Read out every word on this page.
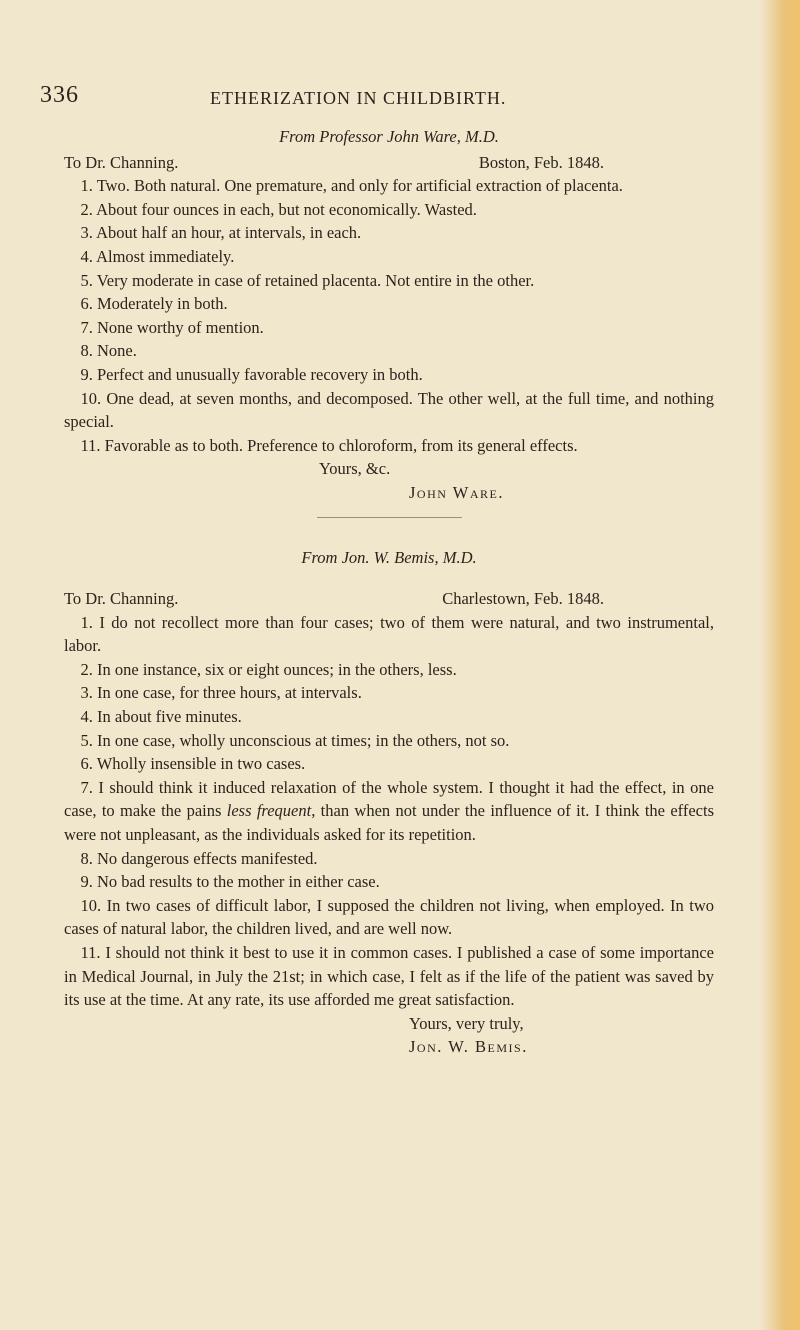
336	ETHERIZATION IN CHILDBIRTH.

From Professor John Ware, M.D.

To Dr. Channing.	Boston, Feb. 1848.

1. Two. Both natural. One premature, and only for artificial extraction of placenta.

2. About four ounces in each, but not economically. Wasted.

3. About half an hour, at intervals, in each.

4. Almost immediately.

5. Very moderate in case of retained placenta. Not entire in the other.

6. Moderately in both.

7. None worthy of mention.

8. None.

9. Perfect and unusually favorable recovery in both.

10. One dead, at seven months, and decomposed. The other well, at the full time, and nothing special.

11. Favorable as to both. Preference to chloroform, from its general effects.

Yours, &c.
John Ware.

From Jon. W. Bemis, M.D.

To Dr. Channing.	Charlestown, Feb. 1848.

1. I do not recollect more than four cases; two of them were natural, and two instrumental, labor.

2. In one instance, six or eight ounces; in the others, less.

3. In one case, for three hours, at intervals.

4. In about five minutes.

5. In one case, wholly unconscious at times; in the others, not so.

6. Wholly insensible in two cases.

7. I should think it induced relaxation of the whole system. I thought it had the effect, in one case, to make the pains less frequent, than when not under the influence of it. I think the effects were not unpleasant, as the individuals asked for its repetition.

8. No dangerous effects manifested.

9. No bad results to the mother in either case.

10. In two cases of difficult labor, I supposed the children not living, when employed. In two cases of natural labor, the children lived, and are well now.

11. I should not think it best to use it in common cases. I published a case of some importance in Medical Journal, in July the 21st; in which case, I felt as if the life of the patient was saved by its use at the time. At any rate, its use afforded me great satisfaction.

Yours, very truly,
Jon. W. Bemis.
